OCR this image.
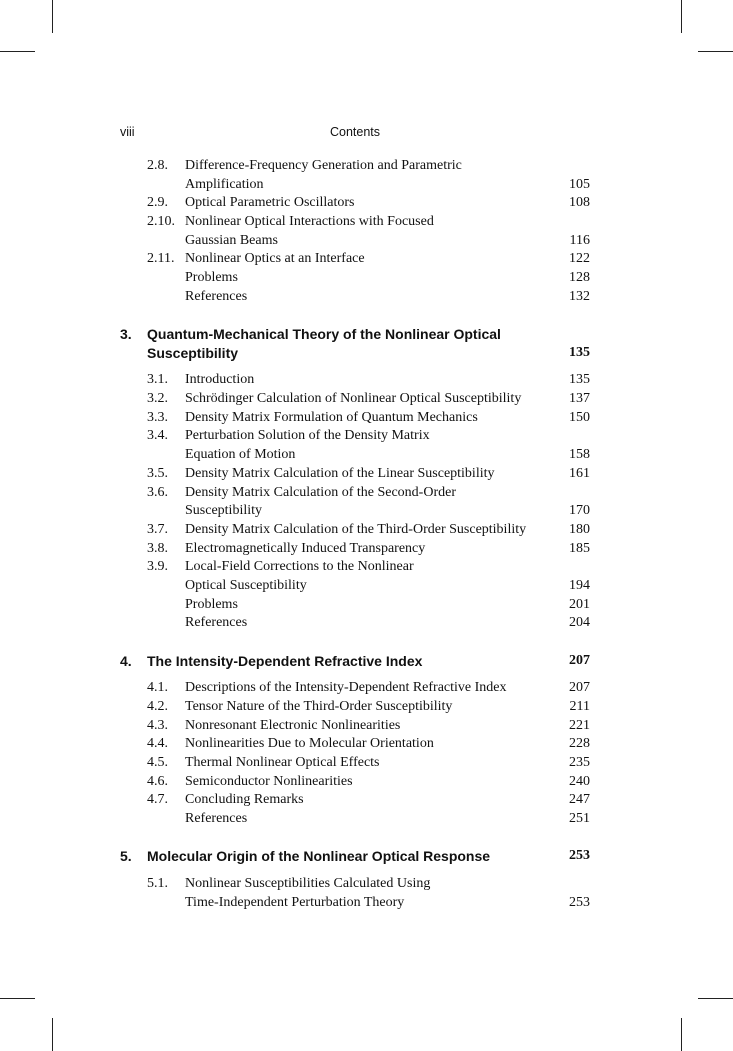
viii	Contents
2.8. Difference-Frequency Generation and Parametric
Amplification	105
2.9. Optical Parametric Oscillators	108
2.10. Nonlinear Optical Interactions with Focused
Gaussian Beams	116
2.11. Nonlinear Optics at an Interface	122
Problems	128
References	132
3. Quantum-Mechanical Theory of the Nonlinear Optical
Susceptibility	135
3.1. Introduction	135
3.2. Schrödinger Calculation of Nonlinear Optical Susceptibility	137
3.3. Density Matrix Formulation of Quantum Mechanics	150
3.4. Perturbation Solution of the Density Matrix
Equation of Motion	158
3.5. Density Matrix Calculation of the Linear Susceptibility	161
3.6. Density Matrix Calculation of the Second-Order
Susceptibility	170
3.7. Density Matrix Calculation of the Third-Order Susceptibility	180
3.8. Electromagnetically Induced Transparency	185
3.9. Local-Field Corrections to the Nonlinear
Optical Susceptibility	194
Problems	201
References	204
4. The Intensity-Dependent Refractive Index	207
4.1. Descriptions of the Intensity-Dependent Refractive Index	207
4.2. Tensor Nature of the Third-Order Susceptibility	211
4.3. Nonresonant Electronic Nonlinearities	221
4.4. Nonlinearities Due to Molecular Orientation	228
4.5. Thermal Nonlinear Optical Effects	235
4.6. Semiconductor Nonlinearities	240
4.7. Concluding Remarks	247
References	251
5. Molecular Origin of the Nonlinear Optical Response	253
5.1. Nonlinear Susceptibilities Calculated Using
Time-Independent Perturbation Theory	253
